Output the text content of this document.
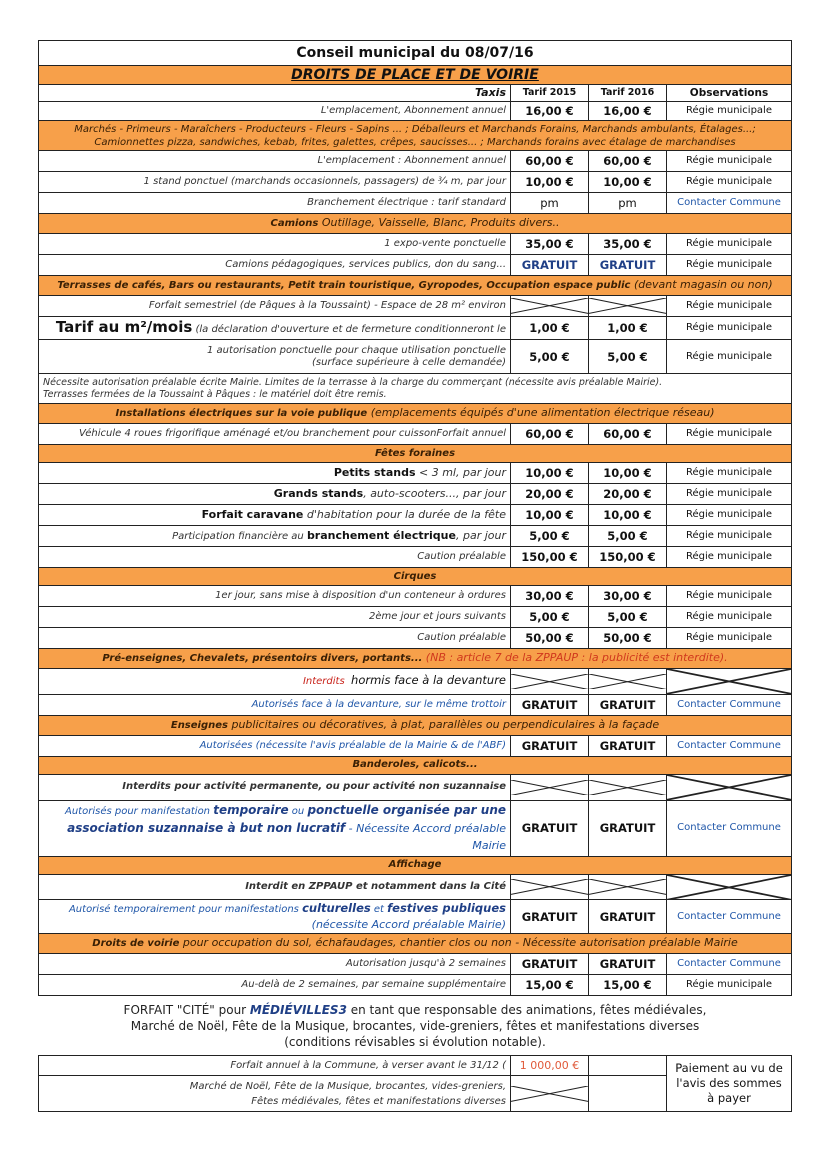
Conseil municipal du 08/07/16			
DROITS DE PLACE ET DE VOIRIE			
Taxis	Tarif 2015	Tarif 2016	Observations
L'emplacement, Abonnement annuel	16,00 €	16,00 €	Régie municipale
Marchés - Primeurs - Maraîchers - Producteurs - Fleurs - Sapins ... ; Déballeurs et Marchands Forains, Marchands ambulants, Étalages...; Camionnettes pizza, sandwiches, kebab, frites, galettes, crêpes, saucisses... ; Marchands forains avec étalage de marchandises			
L'emplacement : Abonnement annuel	60,00 €	60,00 €	Régie municipale
1 stand ponctuel (marchands occasionnels, passagers) de ¾ m, par jour	10,00 €	10,00 €	Régie municipale
Branchement électrique : tarif standard	pm	pm	Contacter Commune
Camions Outillage, Vaisselle, Blanc, Produits divers..			
1 expo-vente ponctuelle	35,00 €	35,00 €	Régie municipale
Camions pédagogiques, services publics, don du sang...	GRATUIT	GRATUIT	Régie municipale
Terrasses de cafés, Bars ou restaurants, Petit train touristique, Gyropodes, Occupation espace public (devant magasin ou non)			
Forfait semestriel (de Pâques à la Toussaint) - Espace de 28 m² environ			Régie municipale
Tarif au m²/mois (la déclaration d'ouverture et de fermeture conditionneront le	1,00 €	1,00 €	Régie municipale

1 autorisation ponctuelle pour chaque utilisation ponctuelle
(surface supérieure à celle demandée)	5,00 €	5,00 €	Régie municipale

Nécessite autorisation préalable écrite Mairie. Limites de la terrasse à la charge du commerçant (nécessite avis préalable Mairie).
Terrasses fermées de la Toussaint à Pâques : le matériel doit être remis.			

Installations électriques sur la voie publique (emplacements équipés d'une alimentation électrique réseau)			
Véhicule 4 roues frigorifique aménagé et/ou branchement pour cuissonForfait annuel	60,00 €	60,00 €	Régie municipale
Fêtes foraines			
Petits stands < 3 ml, par jour	10,00 €	10,00 €	Régie municipale
Grands stands, auto-scooters..., par jour	20,00 €	20,00 €	Régie municipale
Forfait caravane d'habitation pour la durée de la fête	10,00 €	10,00 €	Régie municipale
Participation financière au branchement électrique, par jour	5,00 €	5,00 €	Régie municipale
Caution préalable	150,00 €	150,00 €	Régie municipale
Cirques			
1er jour, sans mise à disposition d'un conteneur à ordures	30,00 €	30,00 €	Régie municipale
2ème jour et jours suivants	5,00 €	5,00 €	Régie municipale
Caution préalable	50,00 €	50,00 €	Régie municipale
Pré-enseignes, Chevalets, présentoirs divers, portants... (NB : article 7 de la ZPPAUP : la publicité est interdite).			
Interdits hormis face à la devanture	

Autorisés face à la devanture, sur le même trottoir	GRATUIT	GRATUIT	Contacter Commune
Enseignes publicitaires ou décoratives, à plat, parallèles ou perpendiculaires à la façade			
Autorisées (nécessite l'avis préalable de la Mairie & de l'ABF)	GRATUIT	GRATUIT	Contacter Commune
Banderoles, calicots...			
Interdits pour activité permanente, ou pour activité non suzannaise	

Autorisés pour manifestation temporaire ou ponctuelle organisée par une association suzannaise à but non lucratif - Nécessite Accord préalable Mairie	GRATUIT	GRATUIT	Contacter Commune
Affichage			
Interdit en ZPPAUP et notamment dans la Cité	

Autorisé temporairement pour manifestations culturelles et festives publiques
(nécessite Accord préalable Mairie)	GRATUIT	GRATUIT	Contacter Commune
Droits de voirie pour occupation du sol, échafaudages, chantier clos ou non - Nécessite autorisation préalable Mairie			
Autorisation jusqu'à 2 semaines	GRATUIT	GRATUIT	Contacter Commune
Au-delà de 2 semaines, par semaine supplémentaire	15,00 €	15,00 €	Régie municipale

FORFAIT "CITÉ" pour MÉDIÉVILLES3 en tant que responsable des animations, fêtes médiévales,
Marché de Noël, Fête de la Musique, brocantes, vide-greniers, fêtes et manifestations diverses
(conditions révisables si évolution notable).			

Forfait annuel à la Commune, à verser avant le 31/12 (	1 000,00 €		Paiement au vu de l'avis des sommes à payer

Marché de Noël, Fête de la Musique, brocantes, vides-greniers,
Fêtes médiévales, fêtes et manifestations diverses
